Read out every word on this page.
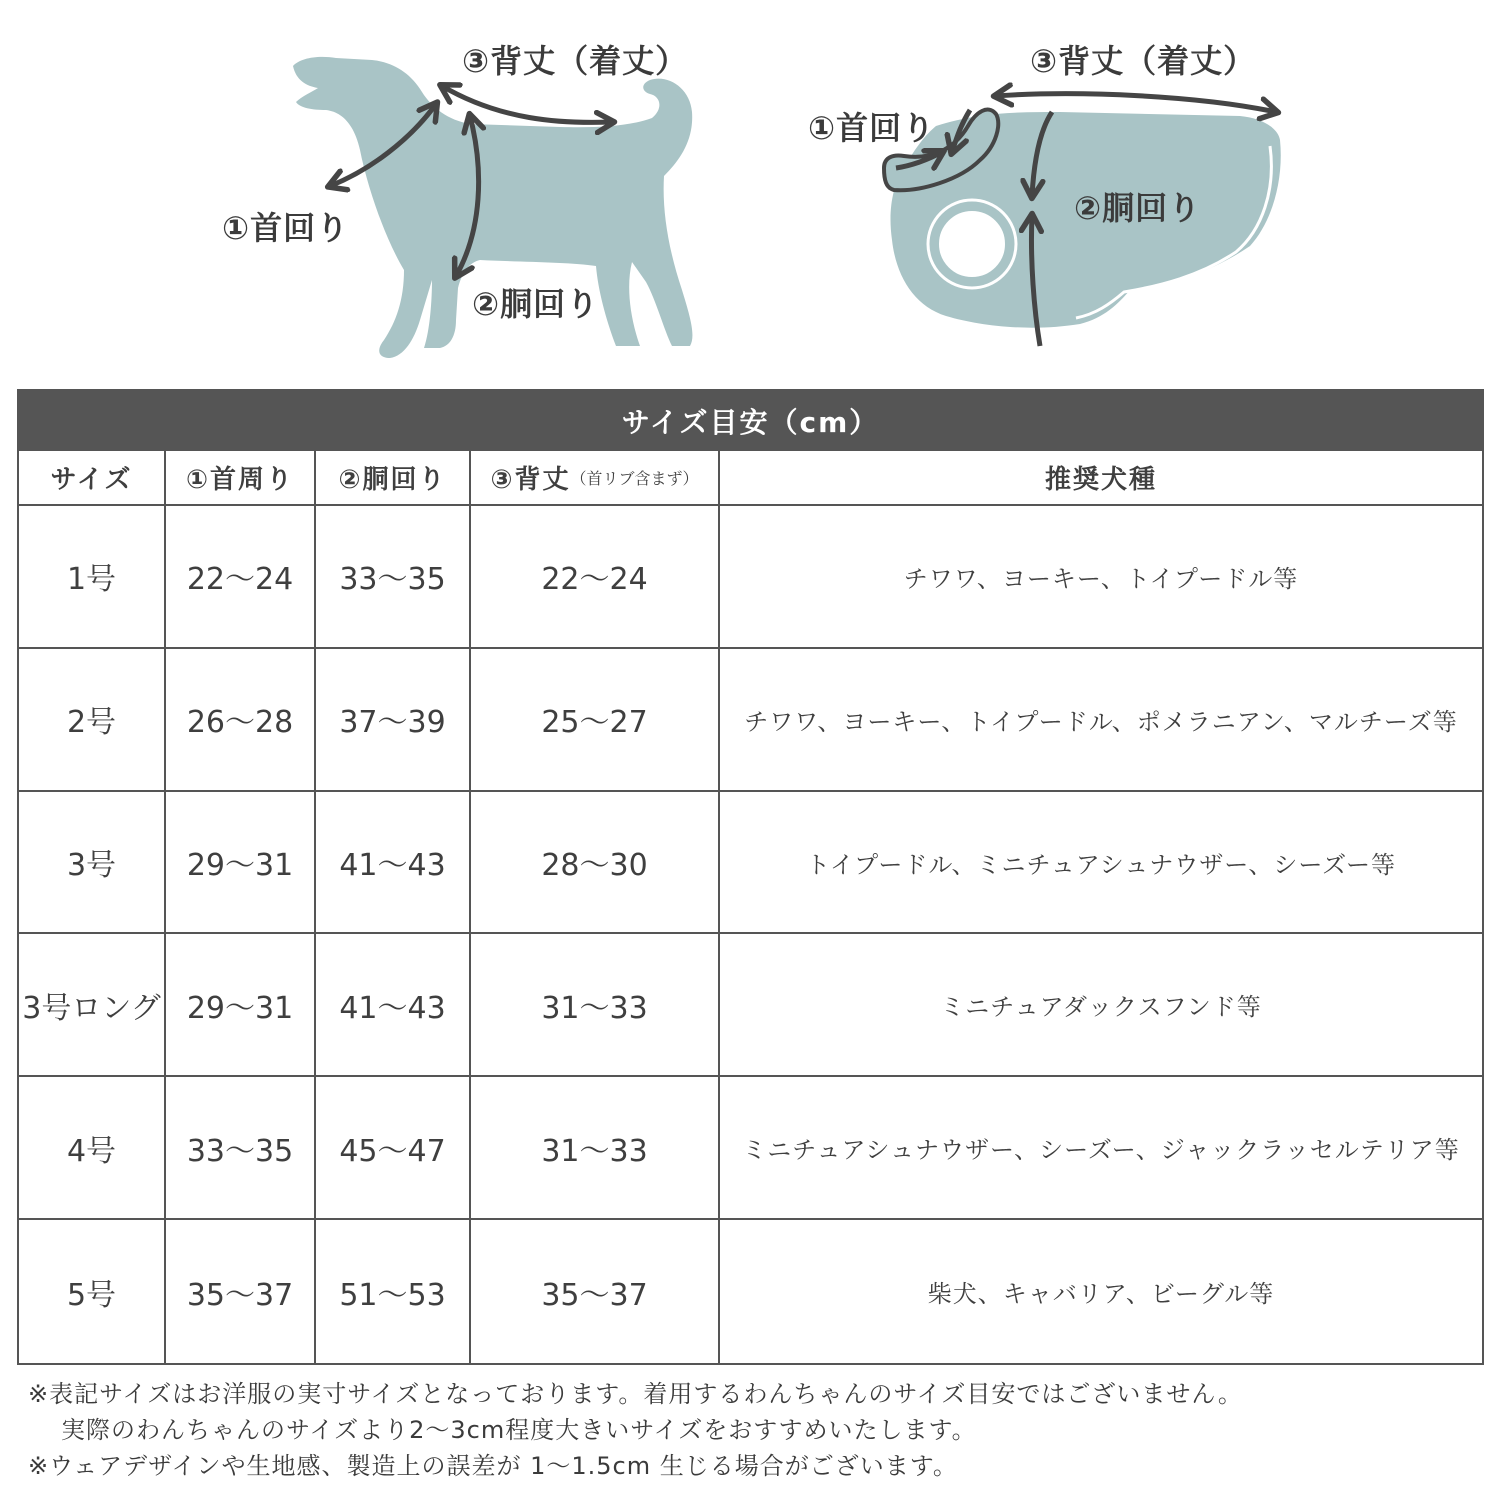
③背丈（着丈）
①首回り
②胴回り
③背丈（着丈）
①首回り
②胴回り
サイズ目安（cm）
サイズ	①首周り	②胴回り	③背丈 （首リブ含まず）	推奨犬種
1号	22～24	33～35	22～24	チワワ、ヨーキー、トイプードル等
2号	26～28	37～39	25～27	チワワ、ヨーキー、トイプードル、ポメラニアン、マルチーズ等
3号	29～31	41～43	28～30	トイプードル、ミニチュアシュナウザー、シーズー等
3号ロング 29～31	41～43	31～33	ミニチュアダックスフンド等
4号	33～35	45～47	31～33	ミニチュアシュナウザー、シーズー、ジャックラッセルテリア等
5号	35～37	51～53	35～37	柴犬、キャバリア、ビーグル等
※表記サイズはお洋服の実寸サイズとなっております。着用するわんちゃんのサイズ目安ではございません。
実際のわんちゃんのサイズより2～3cm程度大きいサイズをおすすめいたします。
※ウェアデザインや生地感、製造上の誤差が 1～1.5cm 生じる場合がございます。
